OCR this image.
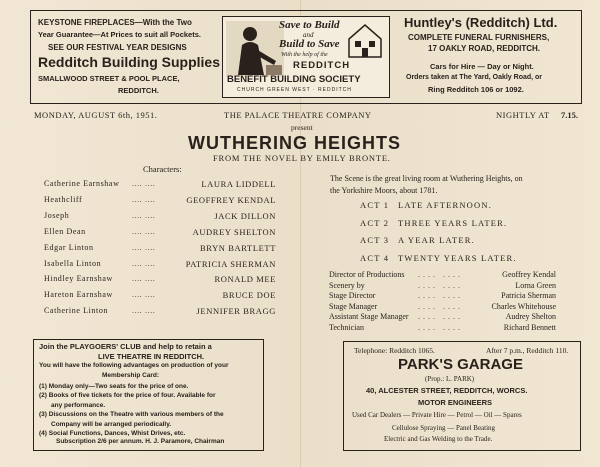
KEYSTONE FIREPLACES—With the Two
Year Guarantee—At Prices to suit all Pockets.
SEE OUR FESTIVAL YEAR DESIGNS
Redditch Building Supplies
SMALLWOOD STREET & POOL PLACE,
REDDITCH.
Save to Build
and
Build to Save
With the help of the
REDDITCH
BENEFIT BUILDING SOCIETY
CHURCH GREEN WEST · REDDITCH
Huntley's (Redditch) Ltd.
COMPLETE FUNERAL FURNISHERS,
17 OAKLY ROAD, REDDITCH.
Cars for Hire — Day or Night.
Orders taken at The Yard, Oakly Road, or
Ring Redditch 106 or 1092.
MONDAY, AUGUST 6th, 1951.	THE PALACE THEATRE COMPANY	NIGHTLY AT 7.15.
present
WUTHERING HEIGHTS
FROM THE NOVEL BY EMILY BRONTE.
Characters:
Catherine Earnshaw .... ....	LAURA LIDDELL
Heathcliff	.... ....	GEOFFREY KENDAL
Joseph	.... ....	JACK DILLON
Ellen Dean	.... ....	AUDREY SHELTON
Edgar Linton	.... ....	BRYN BARTLETT
Isabella Linton	.... ....	PATRICIA SHERMAN
Hindley Earnshaw .... ....	RONALD MEE
Hareton Earnshaw .... ....	BRUCE DOE
Catherine Linton	.... ....	JENNIFER BRAGG
The Scene is the great living room at Wuthering Heights, on
the Yorkshire Moors, about 1781.
ACT 1 LATE AFTERNOON.
ACT 2 THREE YEARS LATER.
ACT 3 A YEAR LATER.
ACT 4 TWENTY YEARS LATER.
Director of Productions .... ....	Geoffrey Kendal
Scenery by	.... ....	Lorna Green
Stage Director	.... ....	Patricia Sherman
Stage Manager	.... ....	Charles Whitehouse
Assistant Stage Manager .... ....	Audrey Shelton
Technician	.... ....	Richard Bennett
Join the PLAYGOERS' CLUB and help to retain a
LIVE THEATRE IN REDDITCH.
You will have the following advantages on production of your
Membership Card:
(1) Monday only—Two seats for the price of one.
(2) Books of five tickets for the price of four. Available for
any performance.
(3) Discussions on the Theatre with various members of the
Company will be arranged periodically.
(4) Social Functions, Dances, Whist Drives, etc.
Subscription 2/6 per annum. H. J. Paramore, Chairman
Telephone: Redditch 1065.	After 7 p.m., Redditch 110.
PARK'S GARAGE
(Prop.: L. PARK)
40, ALCESTER STREET, REDDITCH, WORCS.
MOTOR ENGINEERS
Used Car Dealers — Private Hire — Petrol — Oil — Spares
Cellulose Spraying — Panel Beating
Electric and Gas Welding to the Trade.
